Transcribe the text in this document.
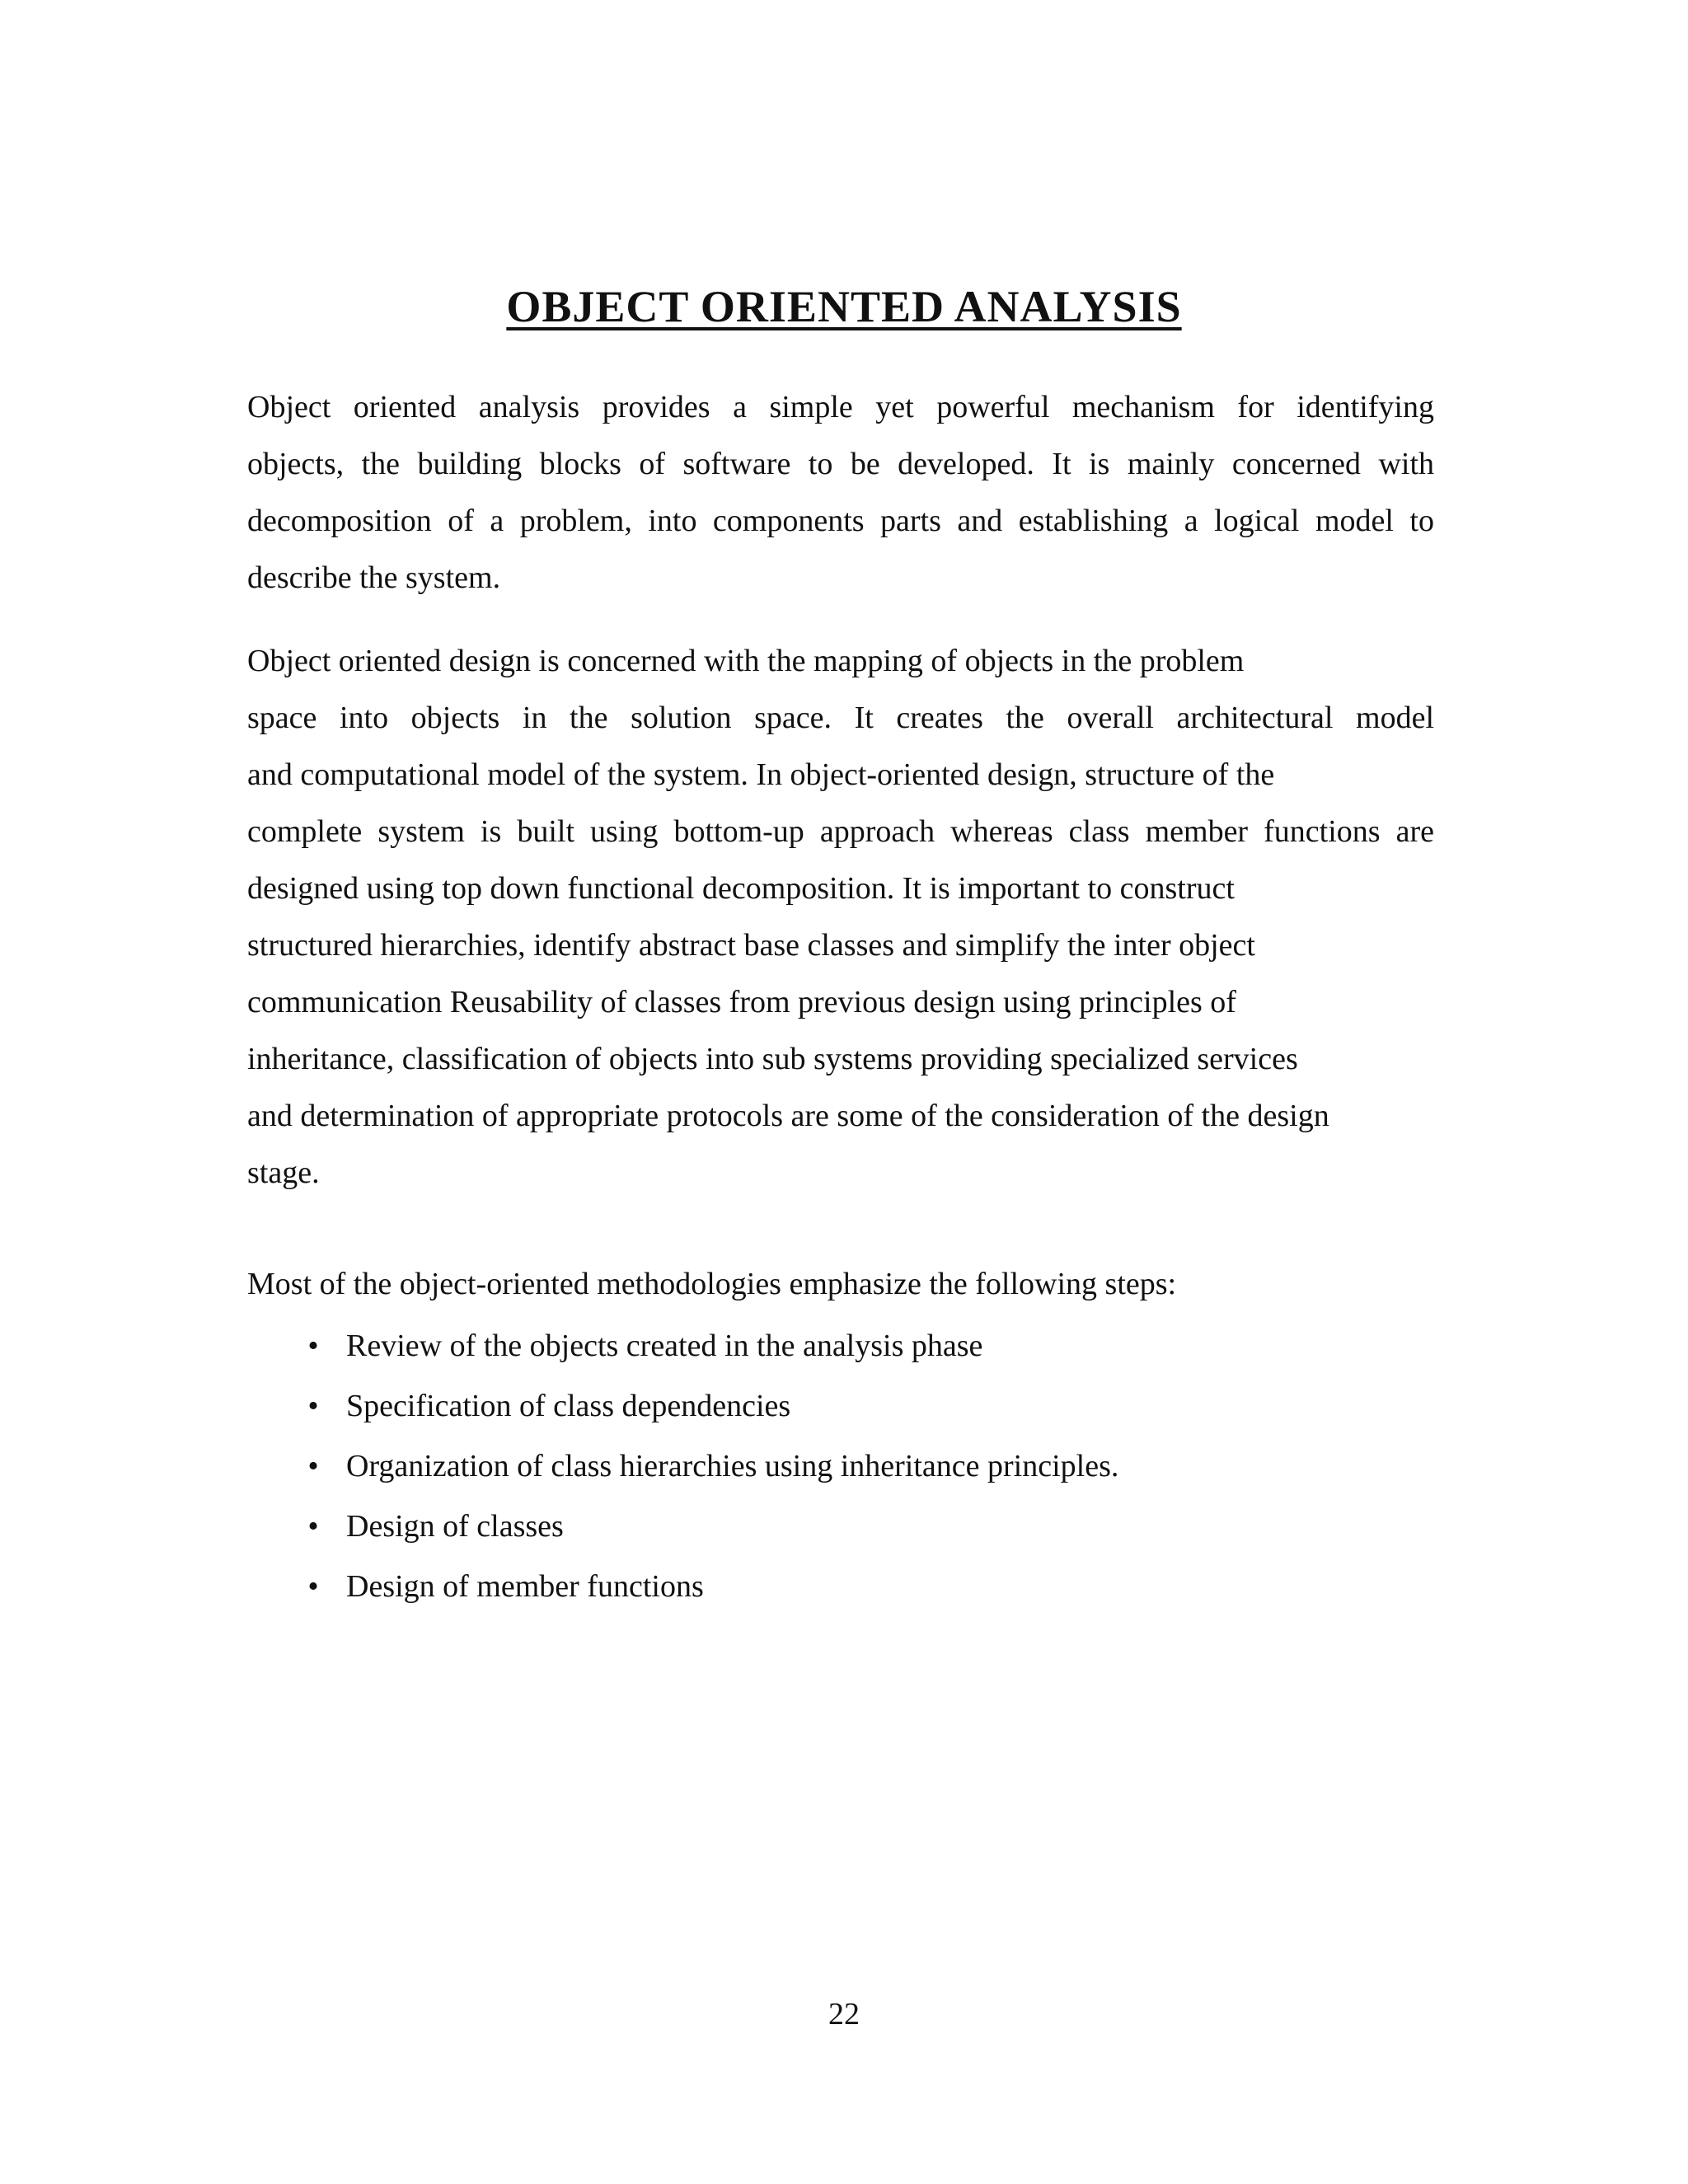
OBJECT ORIENTED ANALYSIS
Object oriented analysis provides a simple yet powerful mechanism for identifying
objects, the building blocks of software to be developed. It is mainly concerned with
decomposition of a problem, into components parts and establishing a logical model to
describe the system.
Object oriented design is concerned with the mapping of objects in the problem
space into objects in the solution space. It creates the overall architectural model
and computational model of the system. In object-oriented design, structure of the
complete system is built using bottom-up approach whereas class member functions are
designed using top down functional decomposition. It is important to construct
structured hierarchies, identify abstract base classes and simplify the inter object
communication Reusability of classes from previous design using principles of
inheritance, classification of objects into sub systems providing specialized services
and determination of appropriate protocols are some of the consideration of the design
stage.
Most of the object-oriented methodologies emphasize the following steps:
• Review of the objects created in the analysis phase
• Specification of class dependencies
• Organization of class hierarchies using inheritance principles.
• Design of classes
• Design of member functions
22
